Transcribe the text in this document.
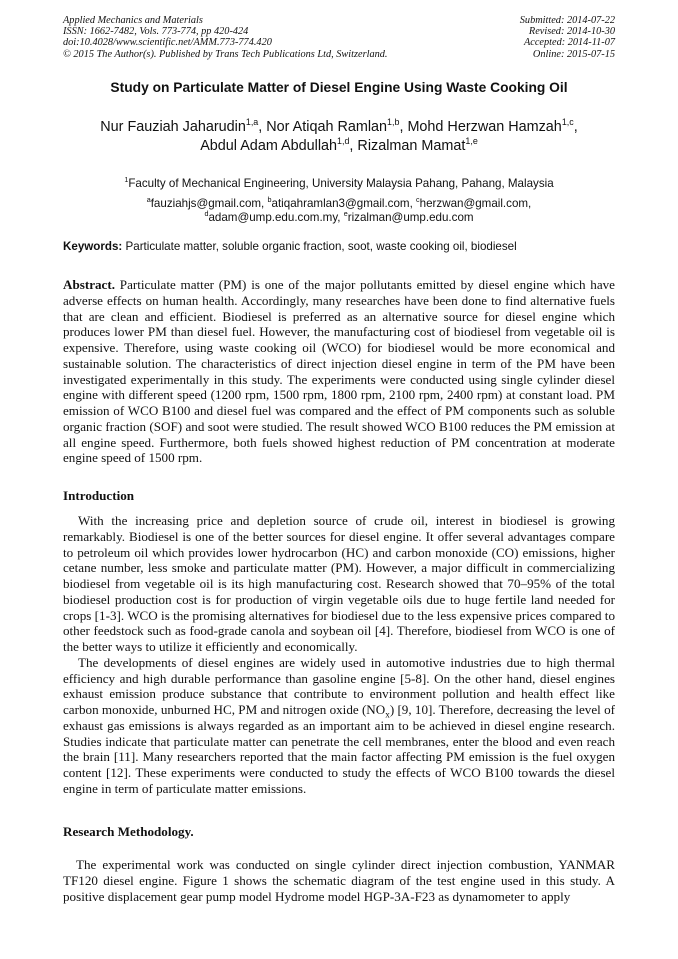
Applied Mechanics and Materials
ISSN: 1662-7482, Vols. 773-774, pp 420-424
doi:10.4028/www.scientific.net/AMM.773-774.420
© 2015 The Author(s). Published by Trans Tech Publications Ltd, Switzerland.
Submitted: 2014-07-22
Revised: 2014-10-30
Accepted: 2014-11-07
Online: 2015-07-15
Study on Particulate Matter of Diesel Engine Using Waste Cooking Oil
Nur Fauziah Jaharudin$^{1,a}$, Nor Atiqah Ramlan$^{1,b}$, Mohd Herzwan Hamzah$^{1,c}$,
Abdul Adam Abdullah$^{1,d}$, Rizalman Mamat$^{1,e}$
$^1$Faculty of Mechanical Engineering, University Malaysia Pahang, Pahang, Malaysia
$^a$fauziahjs@gmail.com, $^b$atiqahramlan3@gmail.com, $^c$herzwan@gmail.com,
$^d$adam@ump.edu.com.my, $^e$rizalman@ump.edu.com
Keywords: Particulate matter, soluble organic fraction, soot, waste cooking oil, biodiesel
Abstract. Particulate matter (PM) is one of the major pollutants emitted by diesel engine which have adverse effects on human health. Accordingly, many researches have been done to find alternative fuels that are clean and efficient. Biodiesel is preferred as an alternative source for diesel engine which produces lower PM than diesel fuel. However, the manufacturing cost of biodiesel from vegetable oil is expensive. Therefore, using waste cooking oil (WCO) for biodiesel would be more economical and sustainable solution. The characteristics of direct injection diesel engine in term of the PM have been investigated experimentally in this study. The experiments were conducted using single cylinder diesel engine with different speed (1200 rpm, 1500 rpm, 1800 rpm, 2100 rpm, 2400 rpm) at constant load. PM emission of WCO B100 and diesel fuel was compared and the effect of PM components such as soluble organic fraction (SOF) and soot were studied. The result showed WCO B100 reduces the PM emission at all engine speed. Furthermore, both fuels showed highest reduction of PM concentration at moderate engine speed of 1500 rpm.
Introduction

With the increasing price and depletion source of crude oil, interest in biodiesel is growing remarkably. Biodiesel is one of the better sources for diesel engine. It offer several advantages compare to petroleum oil which provides lower hydrocarbon (HC) and carbon monoxide (CO) emissions, higher cetane number, less smoke and particulate matter (PM). However, a major difficult in commercializing biodiesel from vegetable oil is its high manufacturing cost. Research showed that 70–95% of the total biodiesel production cost is for production of virgin vegetable oils due to huge fertile land needed for crops [1-3]. WCO is the promising alternatives for biodiesel due to the less expensive prices compared to other feedstock such as food-grade canola and soybean oil [4]. Therefore, biodiesel from WCO is one of the better ways to utilize it efficiently and economically.

The developments of diesel engines are widely used in automotive industries due to high thermal efficiency and high durable performance than gasoline engine [5-8]. On the other hand, diesel engines exhaust emission produce substance that contribute to environment pollution and health effect like carbon monoxide, unburned HC, PM and nitrogen oxide $(NO_x)$ [9, 10]. Therefore, decreasing the level of exhaust gas emissions is always regarded as an important aim to be achieved in diesel engine research. Studies indicate that particulate matter can penetrate the cell membranes, enter the blood and even reach the brain [11]. Many researchers reported that the main factor affecting PM emission is the fuel oxygen content [12]. These experiments were conducted to study the effects of WCO B100 towards the diesel engine in term of particulate matter emissions.

Research Methodology.

The experimental work was conducted on single cylinder direct injection combustion, YANMAR TF120 diesel engine. Figure 1 shows the schematic diagram of the test engine used in this study. A positive displacement gear pump model Hydrome model HGP-3A-F23 as dynamometer to apply
